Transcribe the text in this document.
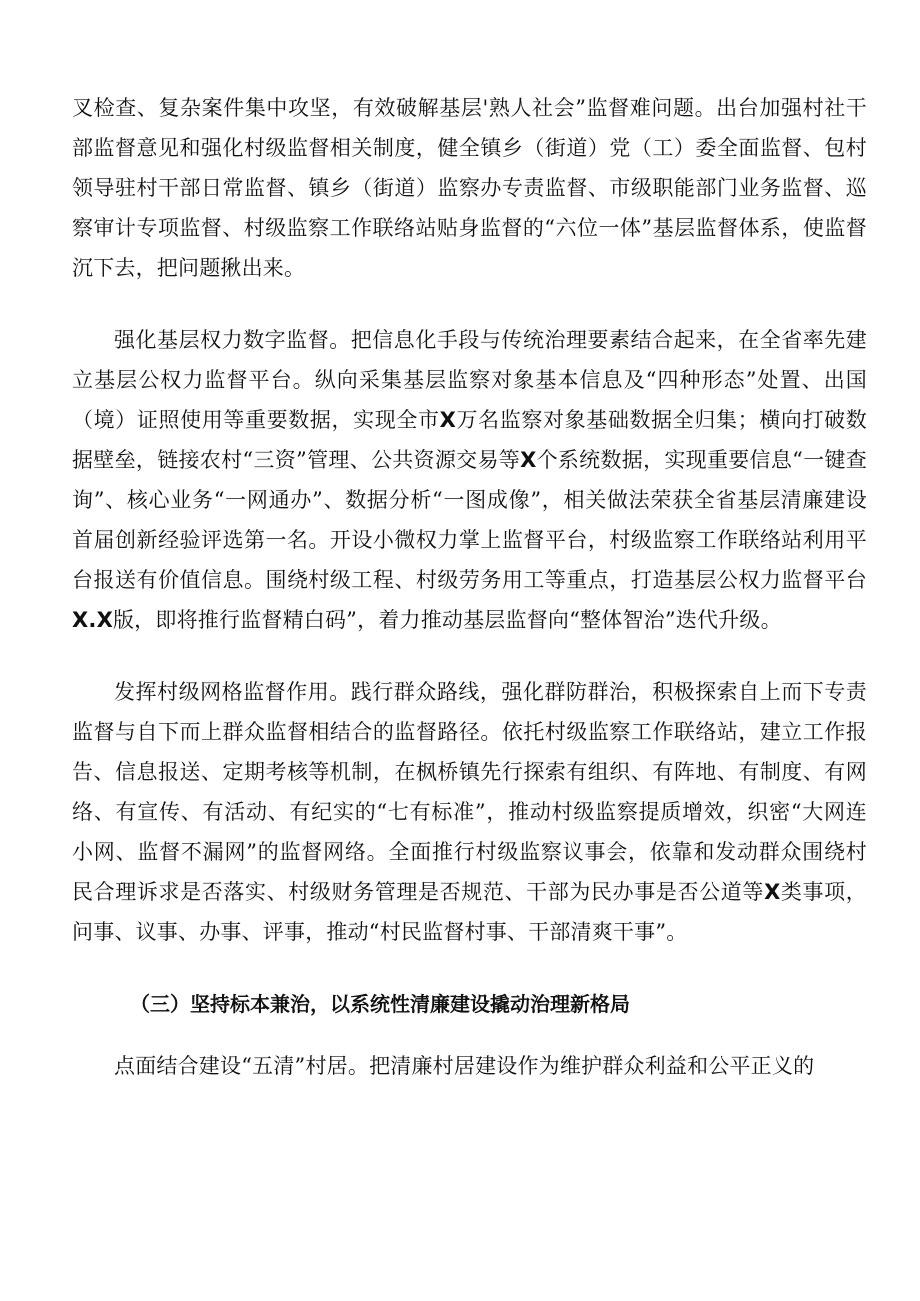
叉检查、复杂案件集中攻坚，有效破解基层'熟人社会”监督难问题。出台加强村社干部监督意见和强化村级监督相关制度，健全镇乡（街道）党（工）委全面监督、包村领导驻村干部日常监督、镇乡（街道）监察办专责监督、市级职能部门业务监督、巡察审计专项监督、村级监察工作联络站贴身监督的“六位一体”基层监督体系，使监督沉下去，把问题揪出来。

强化基层权力数字监督。把信息化手段与传统治理要素结合起来，在全省率先建立基层公权力监督平台。纵向采集基层监察对象基本信息及“四种形态”处置、出国（境）证照使用等重要数据，实现全市X万名监察对象基础数据全归集；横向打破数据壁垒，链接农村“三资”管理、公共资源交易等X个系统数据，实现重要信息“一键查询”、核心业务“一网通办”、数据分析“一图成像”，相关做法荣获全省基层清廉建设首届创新经验评选第一名。开设小微权力掌上监督平台，村级监察工作联络站利用平台报送有价值信息。围绕村级工程、村级劳务用工等重点，打造基层公权力监督平台X.X版，即将推行监督精白码”，着力推动基层监督向“整体智治”迭代升级。

发挥村级网格监督作用。践行群众路线，强化群防群治，积极探索自上而下专责监督与自下而上群众监督相结合的监督路径。依托村级监察工作联络站，建立工作报告、信息报送、定期考核等机制，在枫桥镇先行探索有组织、有阵地、有制度、有网络、有宣传、有活动、有纪实的“七有标准”，推动村级监察提质增效，织密“大网连小网、监督不漏网”的监督网络。全面推行村级监察议事会，依靠和发动群众围绕村民合理诉求是否落实、村级财务管理是否规范、干部为民办事是否公道等X类事项，问事、议事、办事、评事，推动“村民监督村事、干部清爽干事”。

（三）坚持标本兼治，以系统性清廉建设撬动治理新格局

点面结合建设“五清”村居。把清廉村居建设作为维护群众利益和公平正义的
